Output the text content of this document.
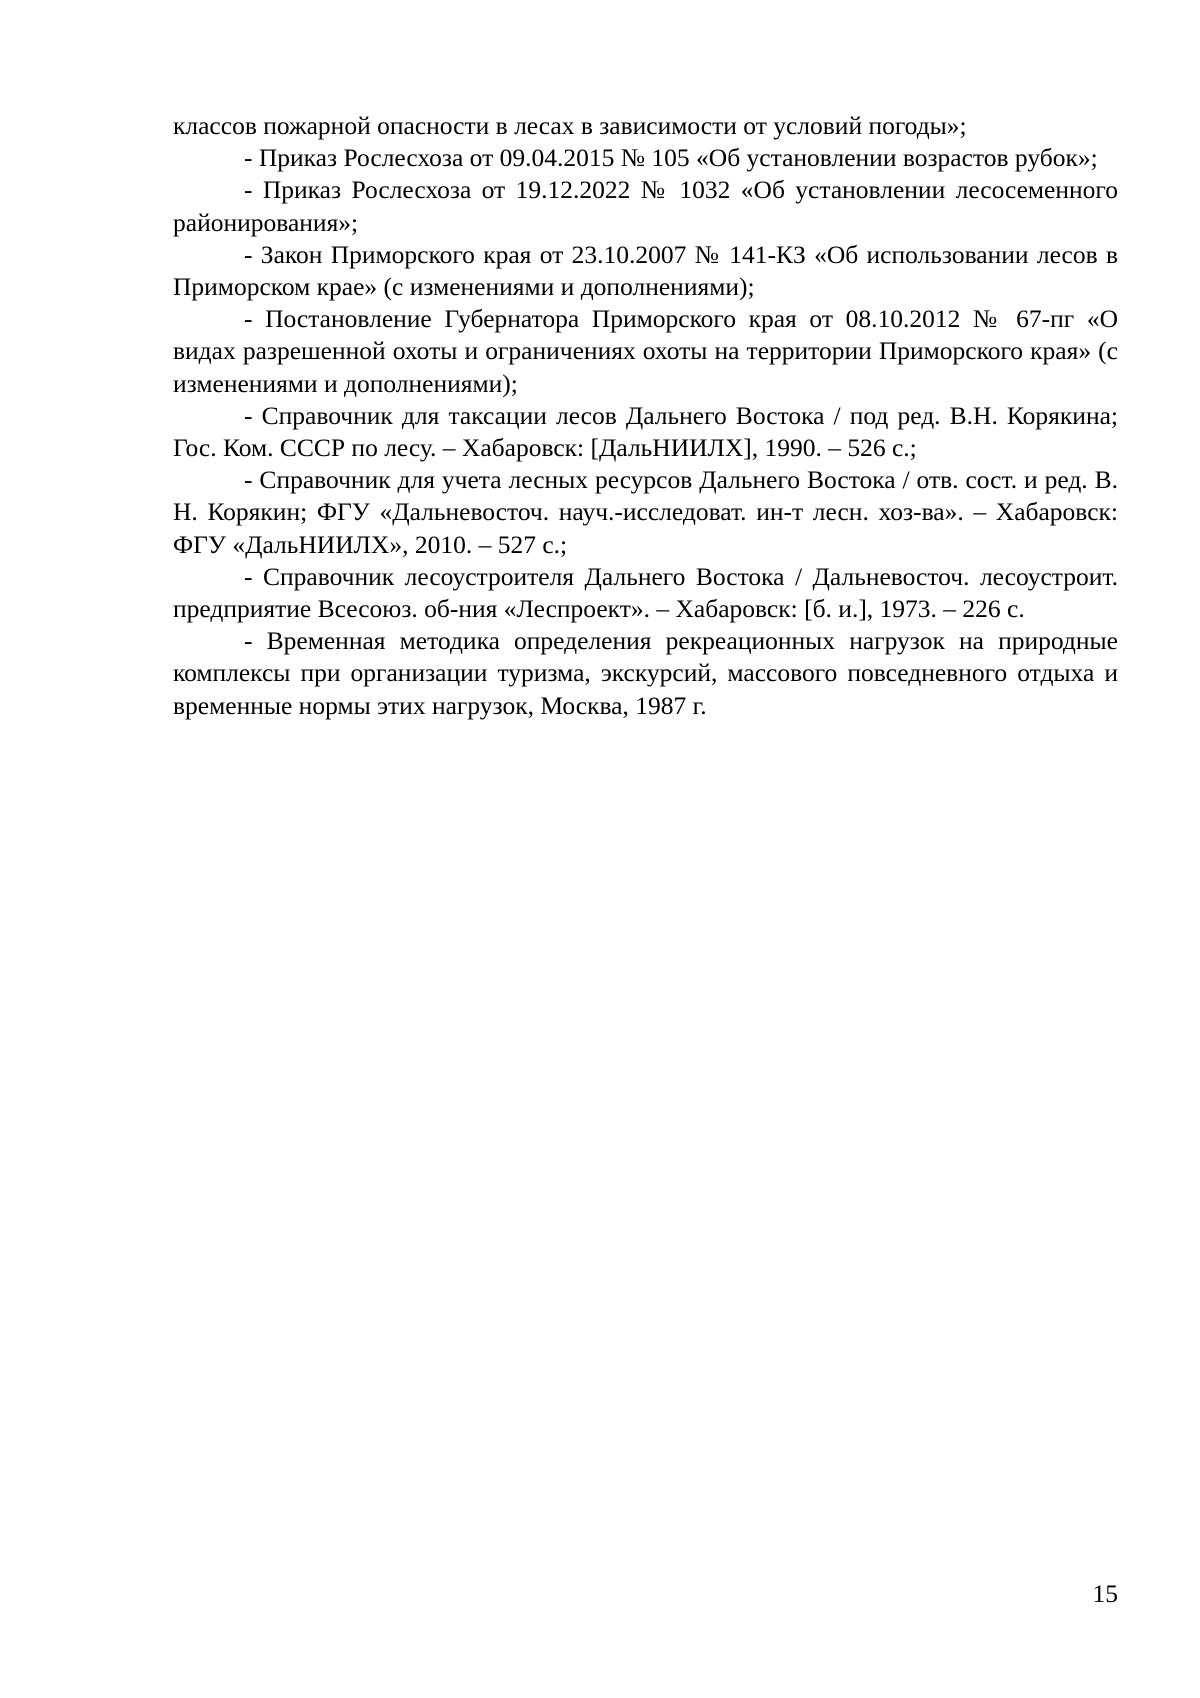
классов пожарной опасности в лесах в зависимости от условий погоды»;

- Приказ Рослесхоза от 09.04.2015 № 105 «Об установлении возрастов рубок»;

- Приказ Рослесхоза от 19.12.2022 № 1032 «Об установлении лесосеменного районирования»;

- Закон Приморского края от 23.10.2007 № 141-КЗ «Об использовании лесов в Приморском крае» (с изменениями и дополнениями);

- Постановление Губернатора Приморского края от 08.10.2012 № 67-пг «О видах разрешенной охоты и ограничениях охоты на территории Приморского края» (с изменениями и дополнениями);

- Справочник для таксации лесов Дальнего Востока / под ред. В.Н. Корякина; Гос. Ком. СССР по лесу. – Хабаровск: [ДальНИИЛХ], 1990. – 526 с.;

- Справочник для учета лесных ресурсов Дальнего Востока / отв. сост. и ред. В. Н. Корякин; ФГУ «Дальневосточ. науч.-исследоват. ин-т лесн. хоз-ва». – Хабаровск: ФГУ «ДальНИИЛХ», 2010. – 527 с.;

- Справочник лесоустроителя Дальнего Востока / Дальневосточ. лесоустроит. предприятие Всесоюз. об-ния «Леспроект». – Хабаровск: [б. и.], 1973. – 226 с.

- Временная методика определения рекреационных нагрузок на природные комплексы при организации туризма, экскурсий, массового повседневного отдыха и временные нормы этих нагрузок, Москва, 1987 г.

15
